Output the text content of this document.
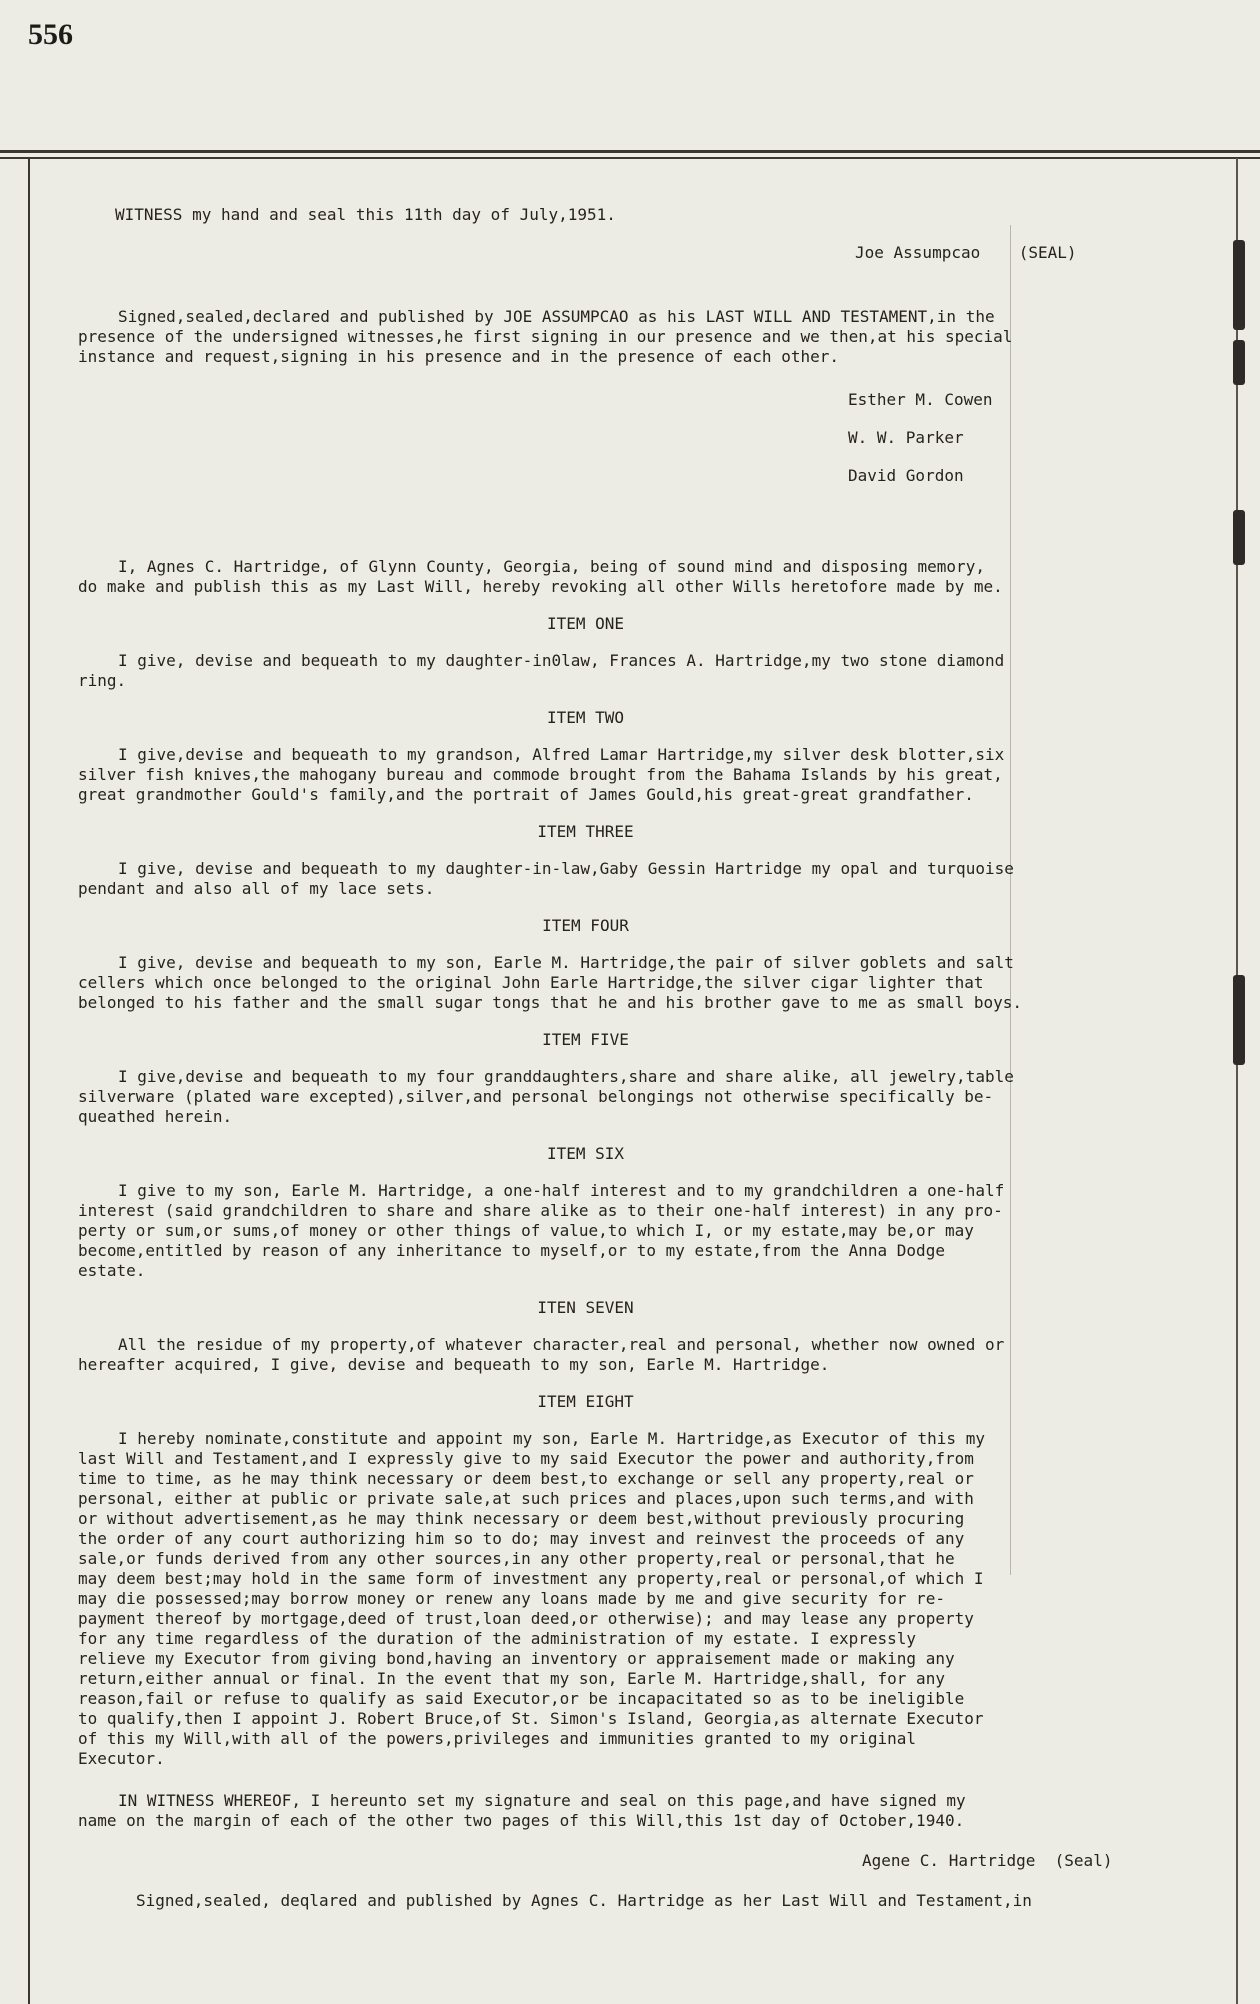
556
WITNESS my hand and seal this 11th day of July,1951.
Joe Assumpcao    (SEAL)
Signed,sealed,declared and published by JOE ASSUMPCAO as his LAST WILL AND TESTAMENT,in the
presence of the undersigned witnesses,he first signing in our presence and we then,at his special
instance and request,signing in his presence and in the presence of each other.
Esther M. Cowen
W. W. Parker
David Gordon
I, Agnes C. Hartridge, of Glynn County, Georgia, being of sound mind and disposing memory,
do make and publish this as my Last Will, hereby revoking all other Wills heretofore made by me.
ITEM ONE
I give, devise and bequeath to my daughter-in0law, Frances A. Hartridge,my two stone diamond
ring.
ITEM TWO
I give,devise and bequeath to my grandson, Alfred Lamar Hartridge,my silver desk blotter,six
silver fish knives,the mahogany bureau and commode brought from the Bahama Islands by his great,
great grandmother Gould's family,and the portrait of James Gould,his great-great grandfather.
ITEM THREE
I give, devise and bequeath to my daughter-in-law,Gaby Gessin Hartridge my opal and turquoise
pendant and also all of my lace sets.
ITEM FOUR
I give, devise and bequeath to my son, Earle M. Hartridge,the pair of silver goblets and salt
cellers which once belonged to the original John Earle Hartridge,the silver cigar lighter that
belonged to his father and the small sugar tongs that he and his brother gave to me as small boys.
ITEM FIVE
I give,devise and bequeath to my four granddaughters,share and share alike, all jewelry,table
silverware (plated ware excepted),silver,and personal belongings not otherwise specifically be-
queathed herein.
ITEM SIX
I give to my son, Earle M. Hartridge, a one-half interest and to my grandchildren a one-half
interest (said grandchildren to share and share alike as to their one-half interest) in any pro-
perty or sum,or sums,of money or other things of value,to which I, or my estate,may be,or may
become,entitled by reason of any inheritance to myself,or to my estate,from the Anna Dodge
estate.
ITEN SEVEN
All the residue of my property,of whatever character,real and personal, whether now owned or
hereafter acquired, I give, devise and bequeath to my son, Earle M. Hartridge.
ITEM EIGHT
I hereby nominate,constitute and appoint my son, Earle M. Hartridge,as Executor of this my
last Will and Testament,and I expressly give to my said Executor the power and authority,from
time to time, as he may think necessary or deem best,to exchange or sell any property,real or
personal, either at public or private sale,at such prices and places,upon such terms,and with
or without advertisement,as he may think necessary or deem best,without previously procuring
the order of any court authorizing him so to do; may invest and reinvest the proceeds of any
sale,or funds derived from any other sources,in any other property,real or personal,that he
may deem best;may hold in the same form of investment any property,real or personal,of which I
may die possessed;may borrow money or renew any loans made by me and give security for re-
payment thereof by mortgage,deed of trust,loan deed,or otherwise); and may lease any property
for any time regardless of the duration of the administration of my estate. I expressly
relieve my Executor from giving bond,having an inventory or appraisement made or making any
return,either annual or final. In the event that my son, Earle M. Hartridge,shall, for any
reason,fail or refuse to qualify as said Executor,or be incapacitated so as to be ineligible
to qualify,then I appoint J. Robert Bruce,of St. Simon's Island, Georgia,as alternate Executor
of this my Will,with all of the powers,privileges and immunities granted to my original
Executor.
IN WITNESS WHEREOF, I hereunto set my signature and seal on this page,and have signed my
name on the margin of each of the other two pages of this Will,this 1st day of October,1940.
Agene C. Hartridge  (Seal)
Signed,sealed, deqlared and published by Agnes C. Hartridge as her Last Will and Testament,in
